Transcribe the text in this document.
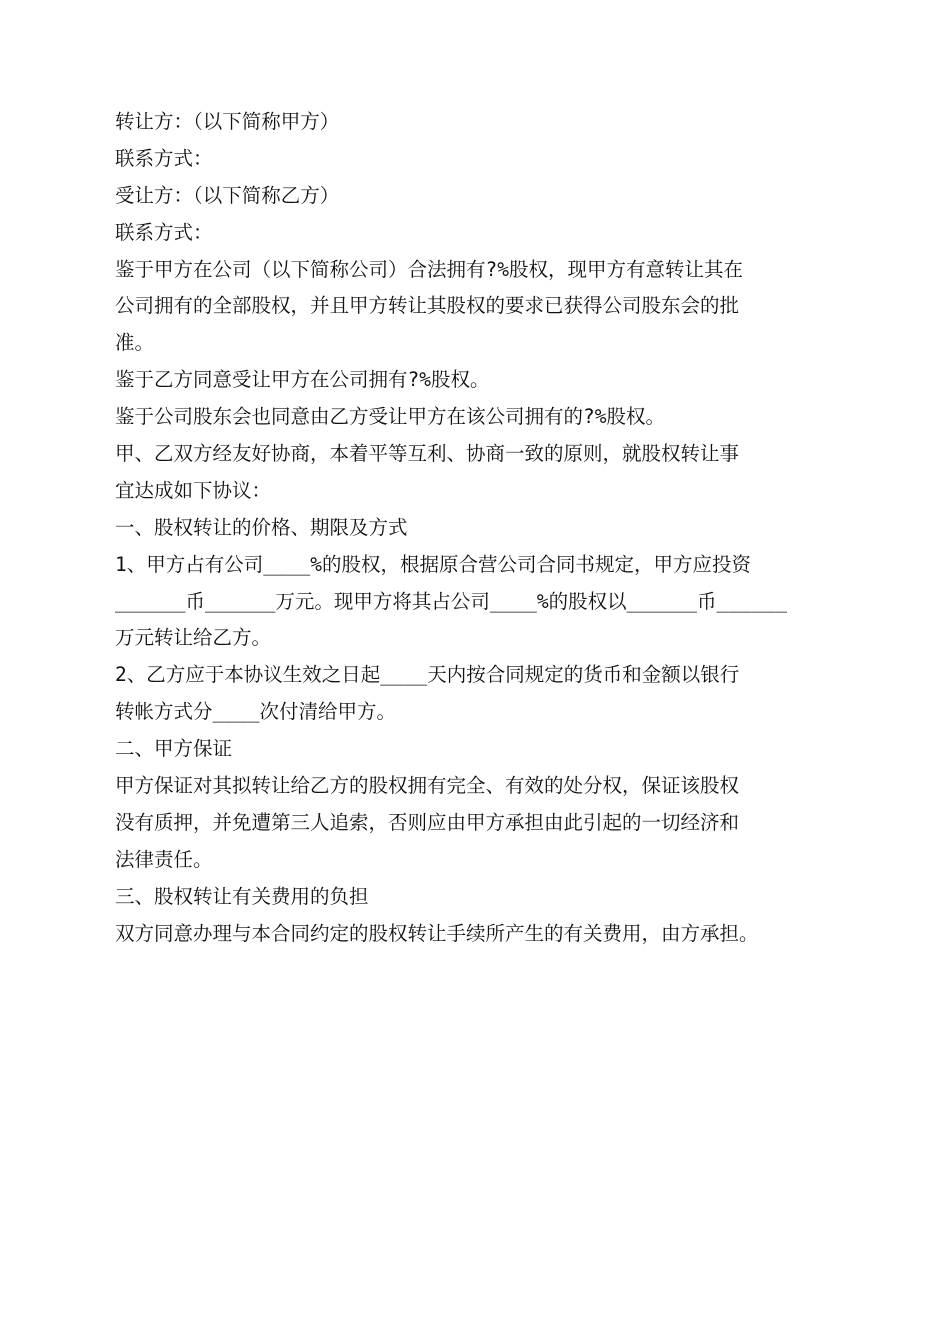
转让方：（以下简称甲方）
联系方式：
受让方：（以下简称乙方）
联系方式：
鉴于甲方在公司（以下简称公司）合法拥有?%股权，现甲方有意转让其在
公司拥有的全部股权，并且甲方转让其股权的要求已获得公司股东会的批
准。
鉴于乙方同意受让甲方在公司拥有?%股权。
鉴于公司股东会也同意由乙方受让甲方在该公司拥有的?%股权。
甲、乙双方经友好协商，本着平等互利、协商一致的原则，就股权转让事
宜达成如下协议：
一、股权转让的价格、期限及方式
1、甲方占有公司____%的股权，根据原合营公司合同书规定，甲方应投资
______币______万元。现甲方将其占公司____%的股权以______币______
万元转让给乙方。
2、乙方应于本协议生效之日起____天内按合同规定的货币和金额以银行
转帐方式分____次付清给甲方。
二、甲方保证
甲方保证对其拟转让给乙方的股权拥有完全、有效的处分权，保证该股权
没有质押，并免遭第三人追索，否则应由甲方承担由此引起的一切经济和
法律责任。
三、股权转让有关费用的负担
双方同意办理与本合同约定的股权转让手续所产生的有关费用，由方承担。
